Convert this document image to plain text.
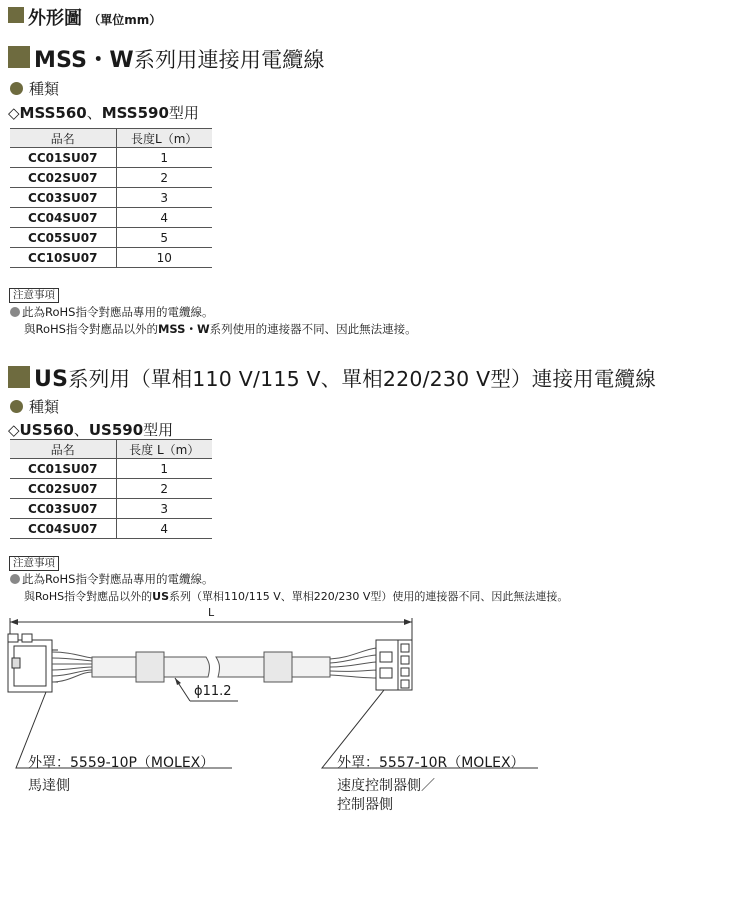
外形圖 （單位mm）
MSS・W系列用連接用電纜線
種類
◇MSS560、MSS590型用
品名	長度L（m）
CC01SU07	1
CC02SU07	2
CC03SU07	3
CC04SU07	4
CC05SU07	5
CC10SU07	10
注意事項
此為RoHS指令對應品專用的電纜線。
與RoHS指令對應品以外的MSS・W系列使用的連接器不同、因此無法連接。
US系列用（單相110 V/115 V、單相220/230 V型）連接用電纜線
種類
◇US560、US590型用
品名	長度 L（m）
CC01SU07	1
CC02SU07	2
CC03SU07	3
CC04SU07	4
注意事項
此為RoHS指令對應品專用的電纜線。
與RoHS指令對應品以外的US系列（單相110/115 V、單相220/230 V型）使用的連接器不同、因此無法連接。
L
ϕ11.2
外罩：5559-10P（MOLEX）
馬達側
外罩：5557-10R（MOLEX）
速度控制器側／
控制器側
